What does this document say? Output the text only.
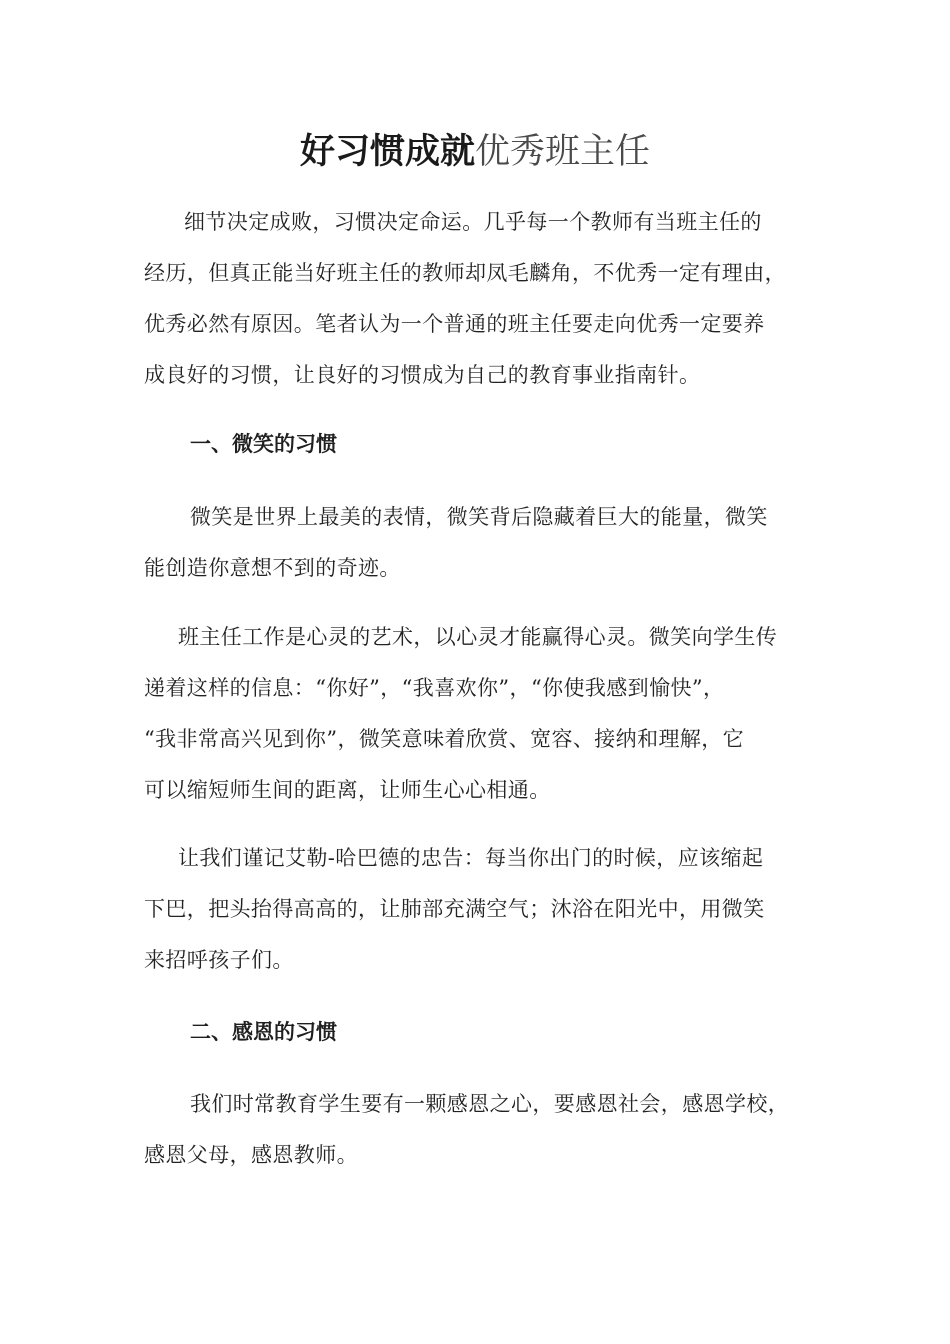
好习惯成就优秀班主任
细节决定成败，习惯决定命运。几乎每一个教师有当班主任的
经历，但真正能当好班主任的教师却凤毛麟角，不优秀一定有理由，
优秀必然有原因。笔者认为一个普通的班主任要走向优秀一定要养
成良好的习惯，让良好的习惯成为自己的教育事业指南针。
一、微笑的习惯
微笑是世界上最美的表情，微笑背后隐藏着巨大的能量，微笑
能创造你意想不到的奇迹。
班主任工作是心灵的艺术，以心灵才能赢得心灵。微笑向学生传
递着这样的信息：“你好”，“我喜欢你”，“你使我感到愉快”，
“我非常高兴见到你”，微笑意味着欣赏、宽容、接纳和理解，它
可以缩短师生间的距离，让师生心心相通。
让我们谨记艾勒-哈巴德的忠告：每当你出门的时候，应该缩起
下巴，把头抬得高高的，让肺部充满空气；沐浴在阳光中，用微笑
来招呼孩子们。
二、感恩的习惯
我们时常教育学生要有一颗感恩之心，要感恩社会，感恩学校，
感恩父母，感恩教师。
